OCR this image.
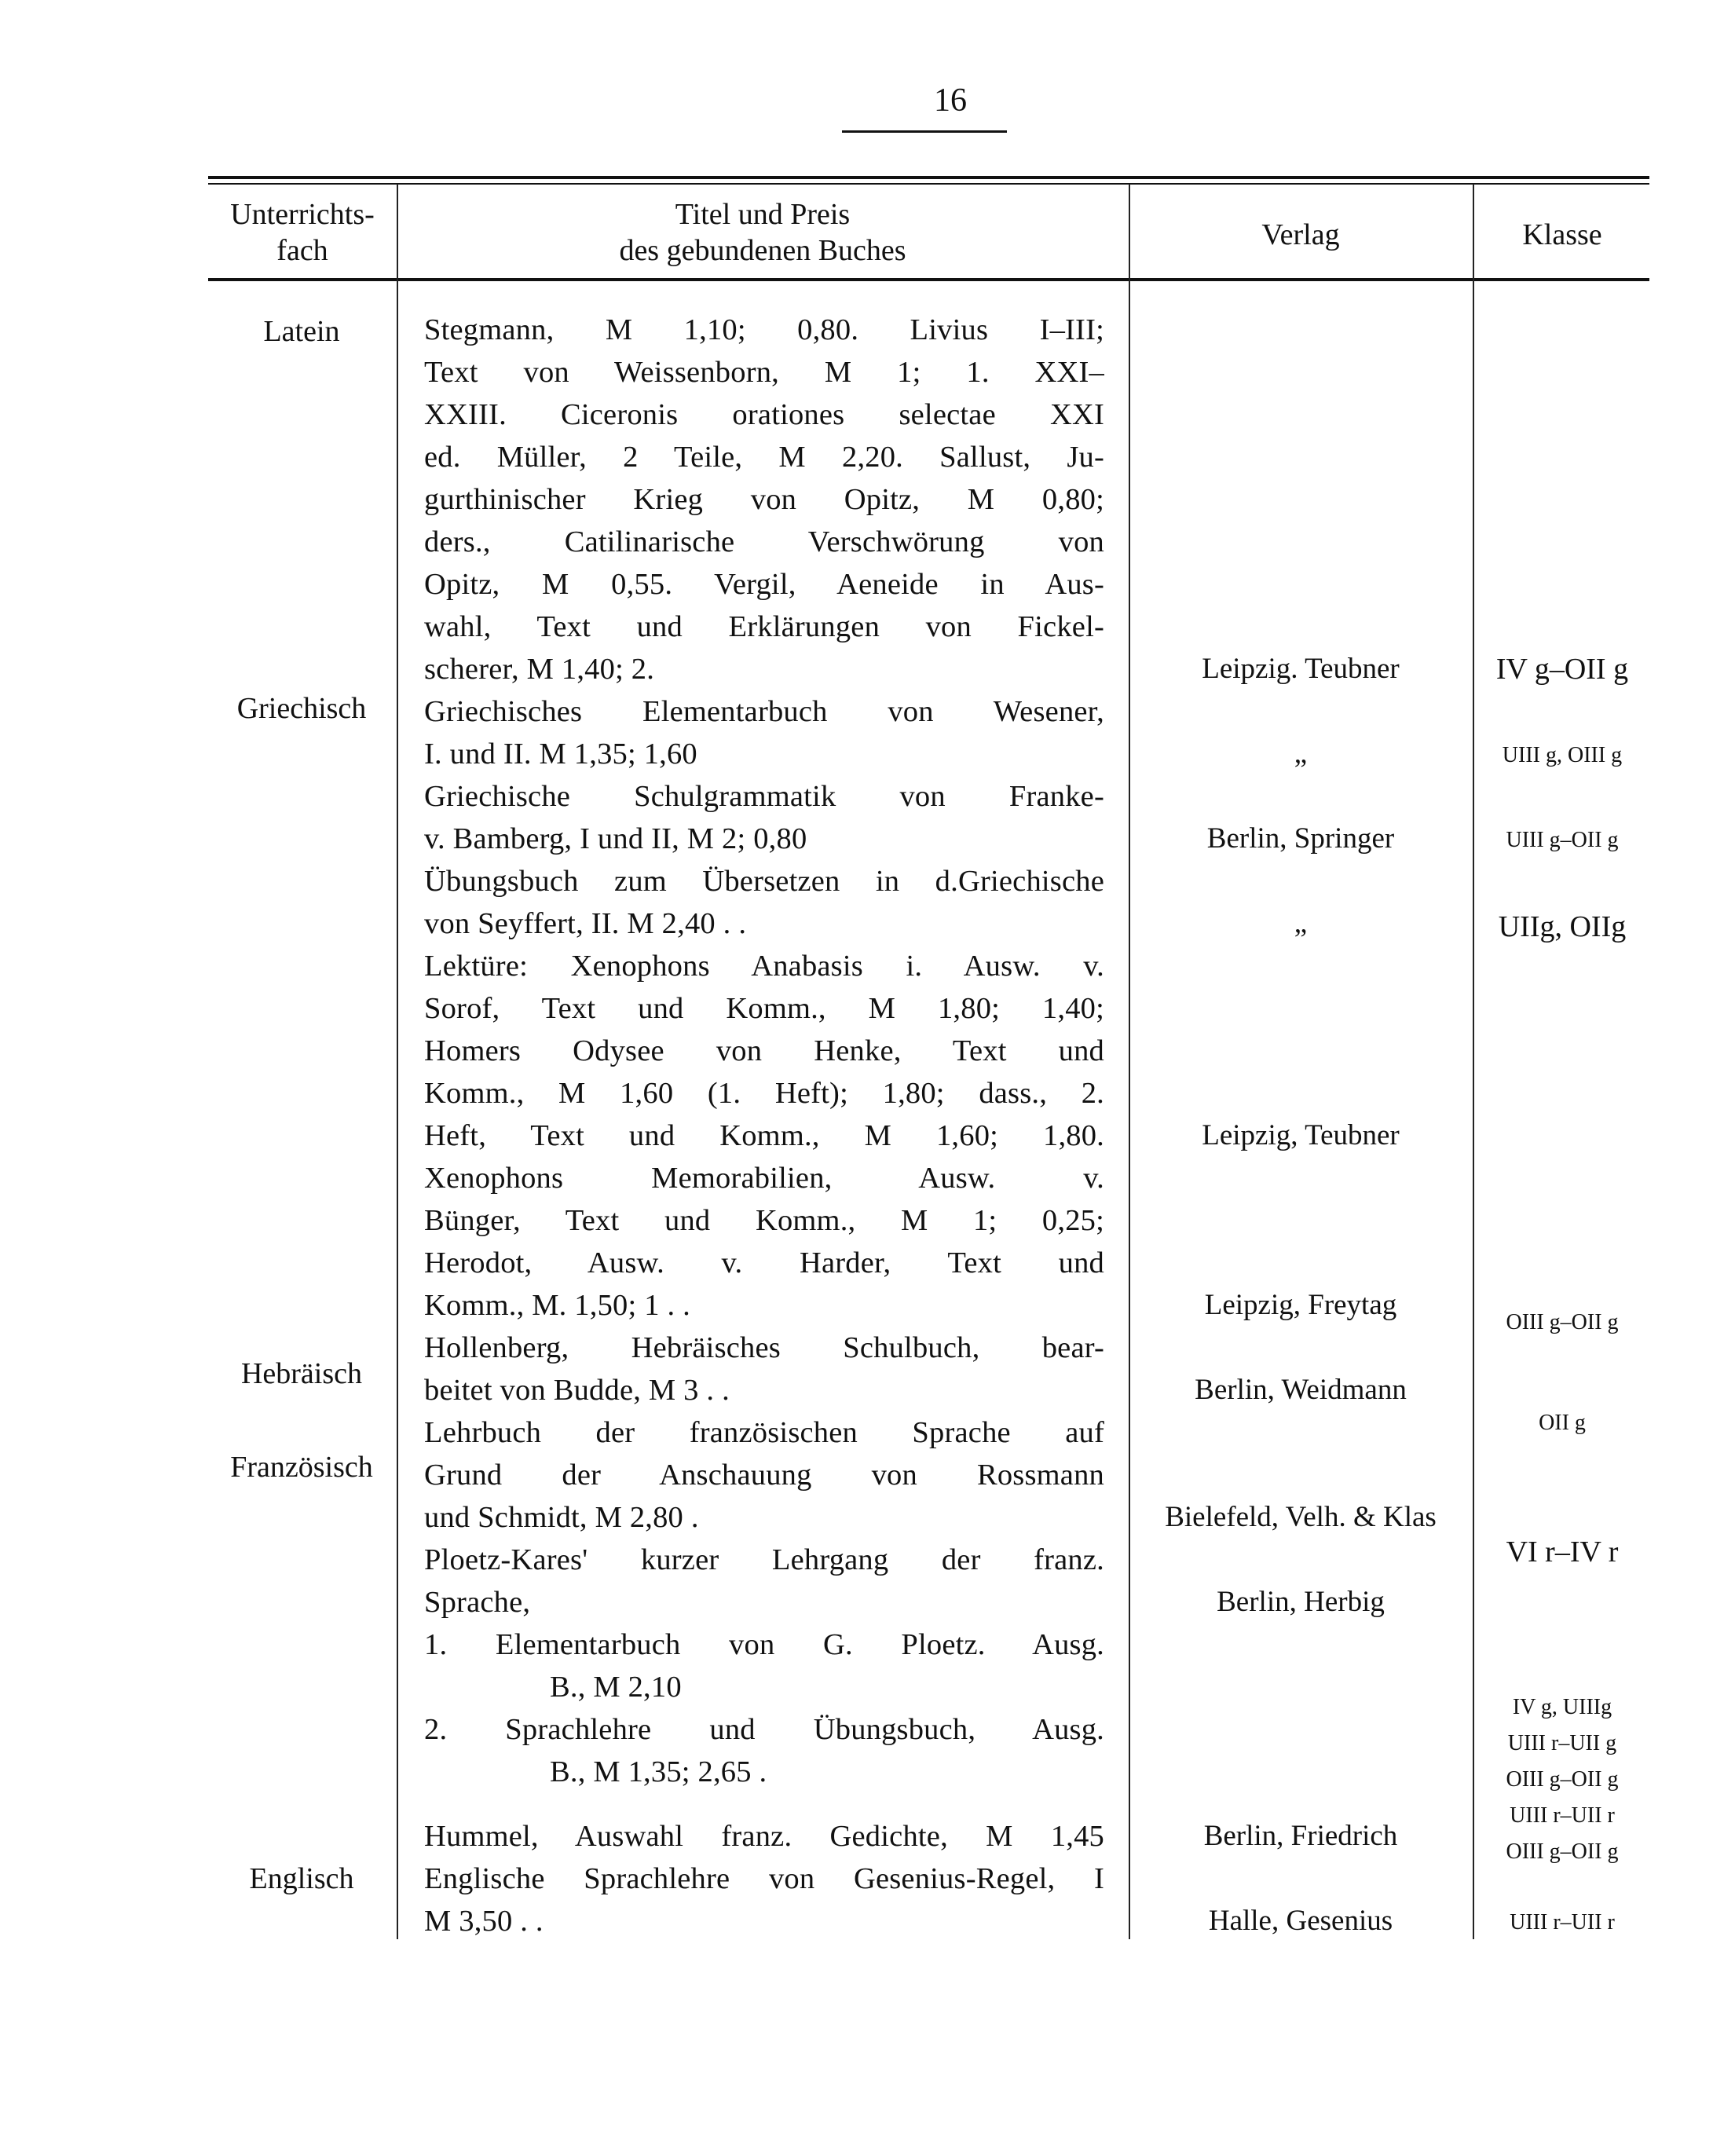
16
Unterrichts-
fach
Titel und Preis
des gebundenen Buches	Verlag	Klasse
Latein
Griechisch
Hebräisch
Französisch
Englisch
Stegmann, M 1,10; 0,80. Livius I–III;
Text von Weissenborn, M 1; 1. XXI–
XXIII. Ciceronis orationes selectae XXI
ed. Müller, 2 Teile, M 2,20. Sallust, Ju-
gurthinischer Krieg von Opitz, M 0,80;
ders., Catilinarische Verschwörung von
Opitz, M 0,55. Vergil, Aeneide in Aus-
wahl, Text und Erklärungen von Fickel-
scherer, M 1,40; 2.
Griechisches Elementarbuch von Wesener,
I. und II. M 1,35; 1,60
Griechische Schulgrammatik von Franke-
v. Bamberg, I und II, M 2; 0,80
Übungsbuch zum Übersetzen in d.Griechische
von Seyffert, II. M 2,40 . .
Lektüre: Xenophons Anabasis i. Ausw. v.
Sorof, Text und Komm., M 1,80; 1,40;
Homers Odysee von Henke, Text und
Komm., M 1,60 (1. Heft); 1,80; dass., 2.
Heft, Text und Komm., M 1,60; 1,80.
Xenophons Memorabilien, Ausw. v.
Bünger, Text und Komm., M 1; 0,25;
Herodot, Ausw. v. Harder, Text und
Komm., M. 1,50; 1 . .
Hollenberg, Hebräisches Schulbuch, bear-
beitet von Budde, M 3 . .
Lehrbuch der französischen Sprache auf
Grund der Anschauung von Rossmann
und Schmidt, M 2,80 .
Ploetz-Kares' kurzer Lehrgang der franz.
Sprache,
1. Elementarbuch von G. Ploetz. Ausg.
B., M 2,10
2. Sprachlehre und Übungsbuch, Ausg.
B., M 1,35; 2,65 .
Hummel, Auswahl franz. Gedichte, M 1,45
Englische Sprachlehre von Gesenius-Regel, I
M 3,50 . .
Leipzig. Teubner
„
Berlin, Springer
„
Leipzig, Teubner
Leipzig, Freytag
Berlin, Weidmann
Bielefeld, Velh. & Klas
Berlin, Herbig
Berlin, Friedrich
Halle, Gesenius
IV g–OII g
UIII g, OIII g
UIII g–OII g
UIIg, OIIg
OIII g–OII g
OII g
VI r–IV r
IV g, UIIIg
UIII r–UII g
OIII g–OII g
UIII r–UII r
OIII g–OII g
UIII r–UII r
